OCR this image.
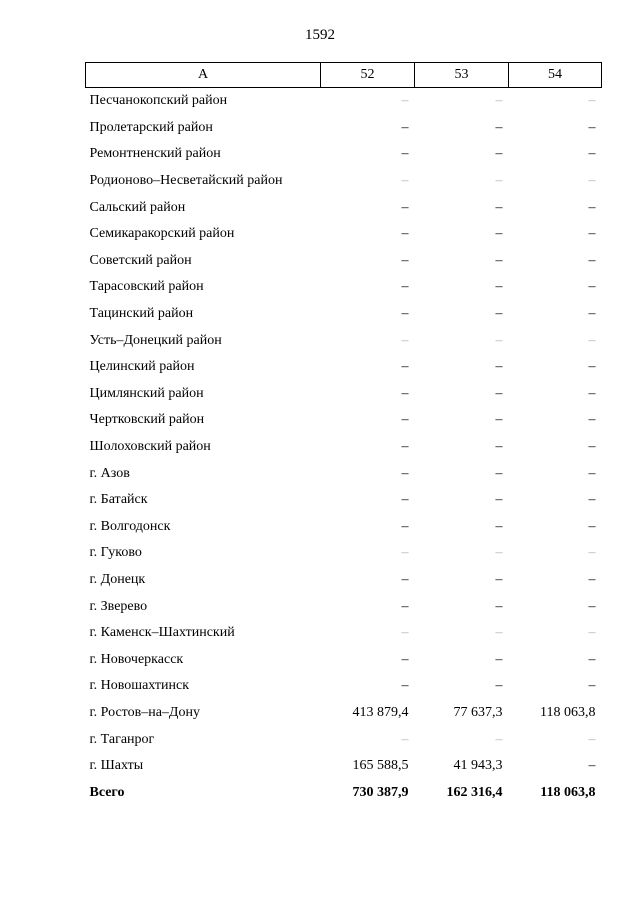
1592
А	52	53	54
Песчанокопский район	–	–	–
Пролетарский район	–	–	–
Ремонтненский район	–	–	–
Родионово–Несветайский район	–	–	–
Сальский район	–	–	–
Семикаракорский район	–	–	–
Советский район	–	–	–
Тарасовский район	–	–	–
Тацинский район	–	–	–
Усть–Донецкий район	–	–	–
Целинский район	–	–	–
Цимлянский район	–	–	–
Чертковский район	–	–	–
Шолоховский район	–	–	–
г. Азов	–	–	–
г. Батайск	–	–	–
г. Волгодонск	–	–	–
г. Гуково	–	–	–
г. Донецк	–	–	–
г. Зверево	–	–	–
г. Каменск–Шахтинский	–	–	–
г. Новочеркасск	–	–	–
г. Новошахтинск	–	–	–
г. Ростов–на–Дону	413 879,4	77 637,3	118 063,8
г. Таганрог	–	–	–
г. Шахты	165 588,5	41 943,3	–
Всего	730 387,9	162 316,4	118 063,8
